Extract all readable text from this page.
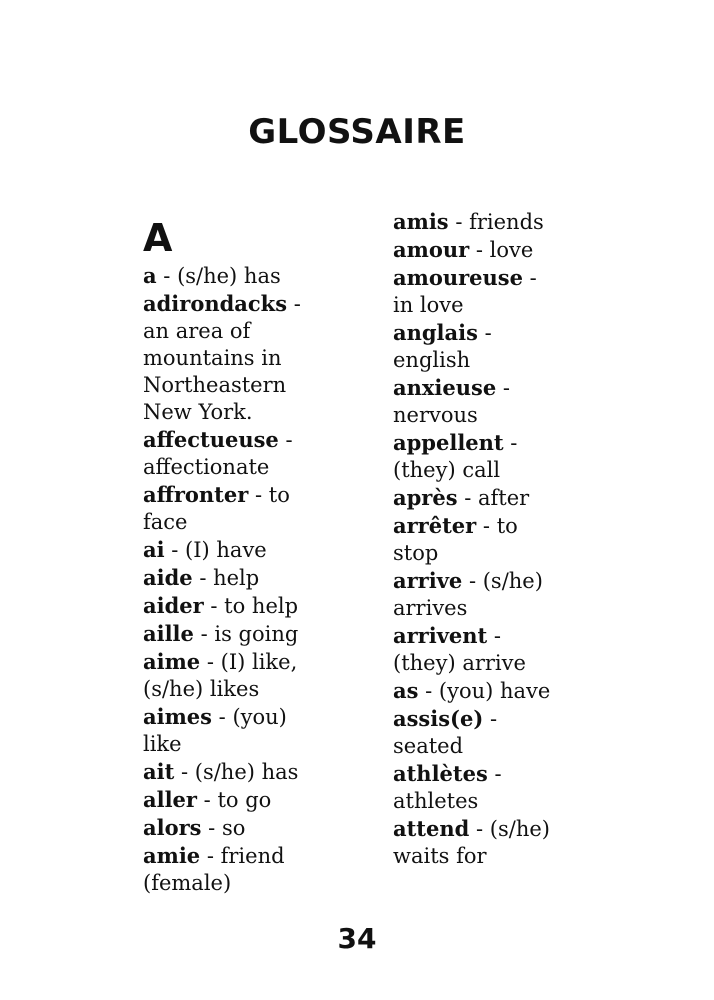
GLOSSAIRE
A
a - (s/he) has
adirondacks -
an area of
mountains in
Northeastern
New York.
affectueuse -
affectionate
affronter - to
face
ai - (I) have
aide - help
aider - to help
aille - is going
aime - (I) like,
(s/he) likes
aimes - (you)
like
ait - (s/he) has
aller - to go
alors - so
amie - friend
(female)
amis - friends
amour - love
amoureuse -
in love
anglais -
english
anxieuse -
nervous
appellent -
(they) call
après - after
arrêter - to
stop
arrive - (s/he)
arrives
arrivent -
(they) arrive
as - (you) have
assis(e) -
seated
athlètes -
athletes
attend - (s/he)
waits for
34
